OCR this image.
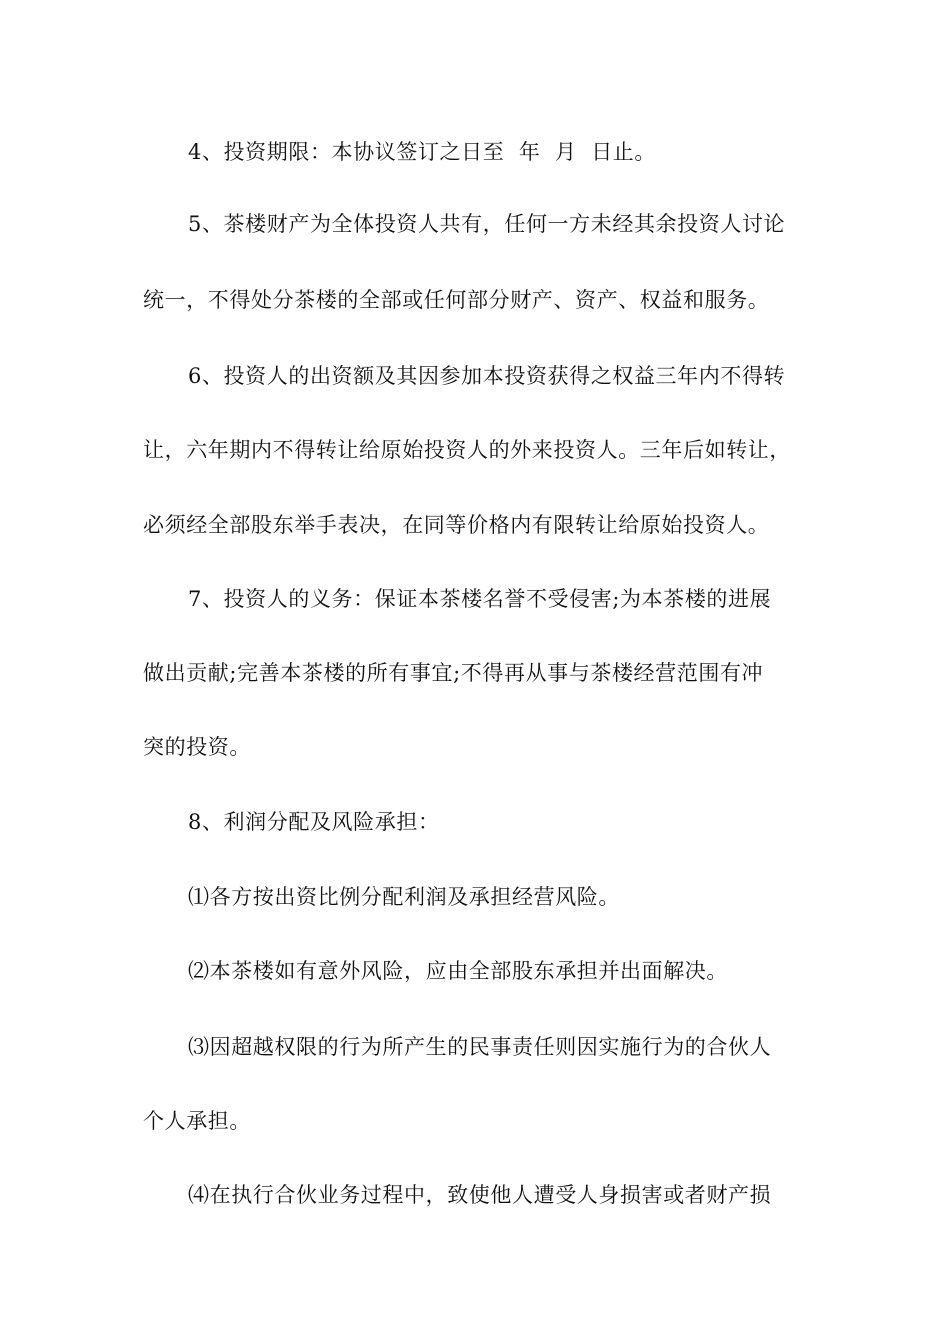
4、投资期限：本协议签订之日至  年  月  日止。
5、茶楼财产为全体投资人共有，任何一方未经其余投资人讨论
统一，不得处分茶楼的全部或任何部分财产、资产、权益和服务。
6、投资人的出资额及其因参加本投资获得之权益三年内不得转
让，六年期内不得转让给原始投资人的外来投资人。三年后如转让，
必须经全部股东举手表决，在同等价格内有限转让给原始投资人。
7、投资人的义务：保证本茶楼名誉不受侵害;为本茶楼的进展
做出贡献;完善本茶楼的所有事宜;不得再从事与茶楼经营范围有冲
突的投资。
8、利润分配及风险承担：
⑴各方按出资比例分配利润及承担经营风险。
⑵本茶楼如有意外风险，应由全部股东承担并出面解决。
⑶因超越权限的行为所产生的民事责任则因实施行为的合伙人
个人承担。
⑷在执行合伙业务过程中，致使他人遭受人身损害或者财产损
